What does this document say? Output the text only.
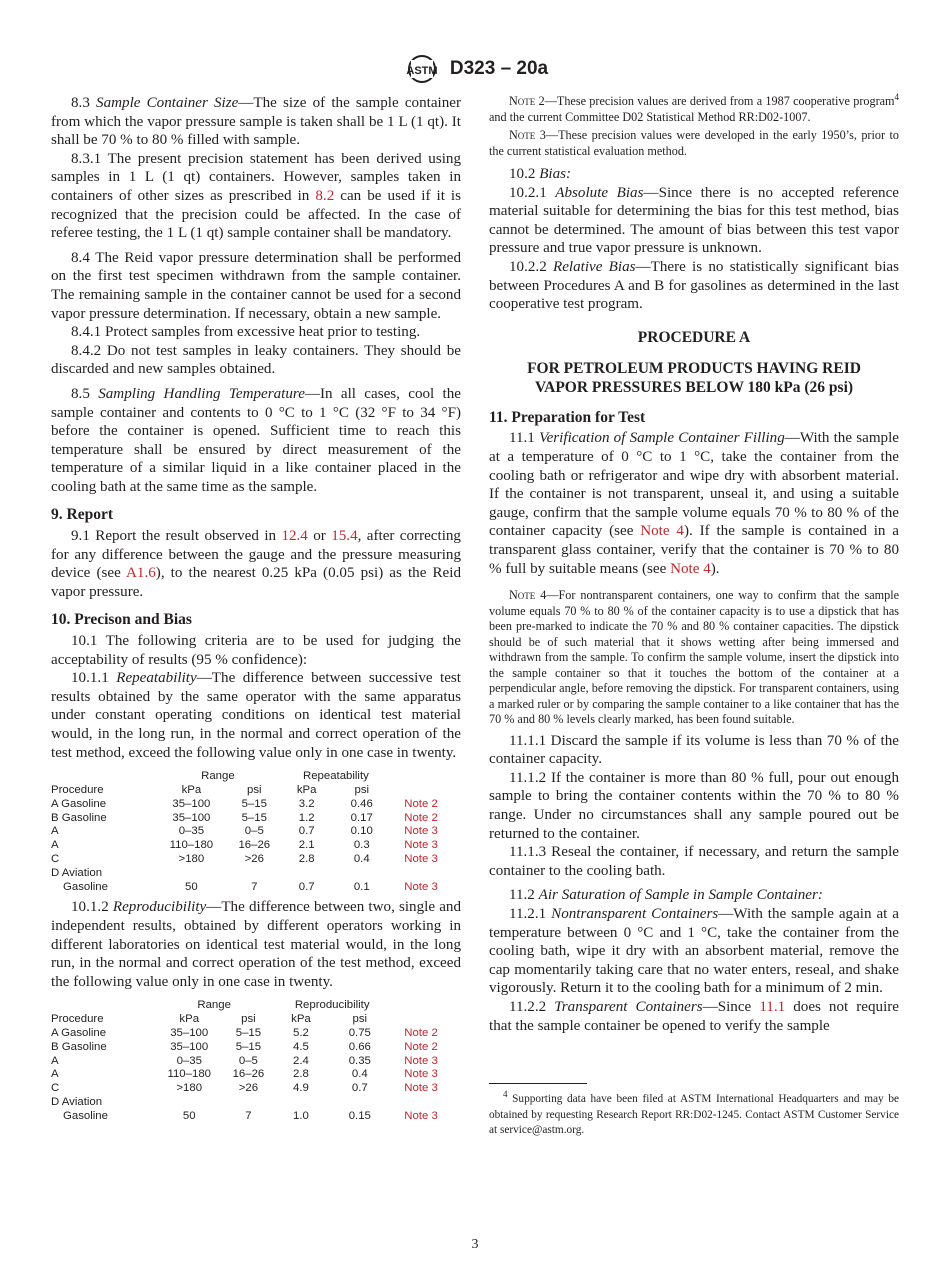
ASTM D323 – 20a

8.3 Sample Container Size—The size of the sample container from which the vapor pressure sample is taken shall be 1 L (1 qt). It shall be 70 % to 80 % filled with sample.

8.3.1 The present precision statement has been derived using samples in 1 L (1 qt) containers. However, samples taken in containers of other sizes as prescribed in 8.2 can be used if it is recognized that the precision could be affected. In the case of referee testing, the 1 L (1 qt) sample container shall be mandatory.

8.4 The Reid vapor pressure determination shall be performed on the first test specimen withdrawn from the sample container. The remaining sample in the container cannot be used for a second vapor pressure determination. If necessary, obtain a new sample.

8.4.1 Protect samples from excessive heat prior to testing.

8.4.2 Do not test samples in leaky containers. They should be discarded and new samples obtained.

8.5 Sampling Handling Temperature—In all cases, cool the sample container and contents to 0 °C to 1 °C (32 °F to 34 °F) before the container is opened. Sufficient time to reach this temperature shall be ensured by direct measurement of the temperature of a similar liquid in a like container placed in the cooling bath at the same time as the sample.

9. Report

9.1 Report the result observed in 12.4 or 15.4, after correcting for any difference between the gauge and the pressure measuring device (see A1.6), to the nearest 0.25 kPa (0.05 psi) as the Reid vapor pressure.

10. Precison and Bias

10.1 The following criteria are to be used for judging the acceptability of results (95 % confidence):

10.1.1 Repeatability—The difference between successive test results obtained by the same operator with the same apparatus under constant operating conditions on identical test material would, in the long run, in the normal and correct operation of the test method, exceed the following value only in one case in twenty.

	Range		Repeatability		
Procedure	kPa	psi	kPa	psi	
A Gasoline	35–100	5–15	3.2	0.46	Note 2
B Gasoline	35–100	5–15	1.2	0.17	Note 2
A	0–35	0–5	0.7	0.10	Note 3
A	110–180	16–26	2.1	0.3	Note 3
C	>180	>26	2.8	0.4	Note 3
D Aviation					
Gasoline	50	7	0.7	0.1	Note 3

10.1.2 Reproducibility—The difference between two, single and independent results, obtained by different operators working in different laboratories on identical test material would, in the long run, in the normal and correct operation of the test method, exceed the following value only in one case in twenty.

	Range		Reproducibility		
Procedure	kPa	psi	kPa	psi	
A Gasoline	35–100	5–15	5.2	0.75	Note 2
B Gasoline	35–100	5–15	4.5	0.66	Note 2
A	0–35	0–5	2.4	0.35	Note 3
A	110–180	16–26	2.8	0.4	Note 3
C	>180	>26	4.9	0.7	Note 3
D Aviation					
Gasoline	50	7	1.0	0.15	Note 3

Note 2—These precision values are derived from a 1987 cooperative program$^4$ and the current Committee D02 Statistical Method RR:D02-1007.

Note 3—These precision values were developed in the early 1950’s, prior to the current statistical evaluation method.

10.2 Bias:

10.2.1 Absolute Bias—Since there is no accepted reference material suitable for determining the bias for this test method, bias cannot be determined. The amount of bias between this test vapor pressure and true vapor pressure is unknown.

10.2.2 Relative Bias—There is no statistically significant bias between Procedures A and B for gasolines as determined in the last cooperative test program.

PROCEDURE A
FOR PETROLEUM PRODUCTS HAVING REID VAPOR PRESSURES BELOW 180 kPa (26 psi)
11. Preparation for Test

11.1 Verification of Sample Container Filling—With the sample at a temperature of 0 °C to 1 °C, take the container from the cooling bath or refrigerator and wipe dry with absorbent material. If the container is not transparent, unseal it, and using a suitable gauge, confirm that the sample volume equals 70 % to 80 % of the container capacity (see Note 4). If the sample is contained in a transparent glass container, verify that the container is 70 % to 80 % full by suitable means (see Note 4).

Note 4—For nontransparent containers, one way to confirm that the sample volume equals 70 % to 80 % of the container capacity is to use a dipstick that has been pre-marked to indicate the 70 % and 80 % container capacities. The dipstick should be of such material that it shows wetting after being immersed and withdrawn from the sample. To confirm the sample volume, insert the dipstick into the sample container so that it touches the bottom of the container at a perpendicular angle, before removing the dipstick. For transparent containers, using a marked ruler or by comparing the sample container to a like container that has the 70 % and 80 % levels clearly marked, has been found suitable.

11.1.1 Discard the sample if its volume is less than 70 % of the container capacity.

11.1.2 If the container is more than 80 % full, pour out enough sample to bring the container contents within the 70 % to 80 % range. Under no circumstances shall any sample poured out be returned to the container.

11.1.3 Reseal the container, if necessary, and return the sample container to the cooling bath.

11.2 Air Saturation of Sample in Sample Container:

11.2.1 Nontransparent Containers—With the sample again at a temperature between 0 °C and 1 °C, take the container from the cooling bath, wipe it dry with an absorbent material, remove the cap momentarily taking care that no water enters, reseal, and shake vigorously. Return it to the cooling bath for a minimum of 2 min.

11.2.2 Transparent Containers—Since 11.1 does not require that the sample container be opened to verify the sample

$^4$ Supporting data have been filed at ASTM International Headquarters and may be obtained by requesting Research Report RR:D02-1245. Contact ASTM Customer Service at service@astm.org.

3
